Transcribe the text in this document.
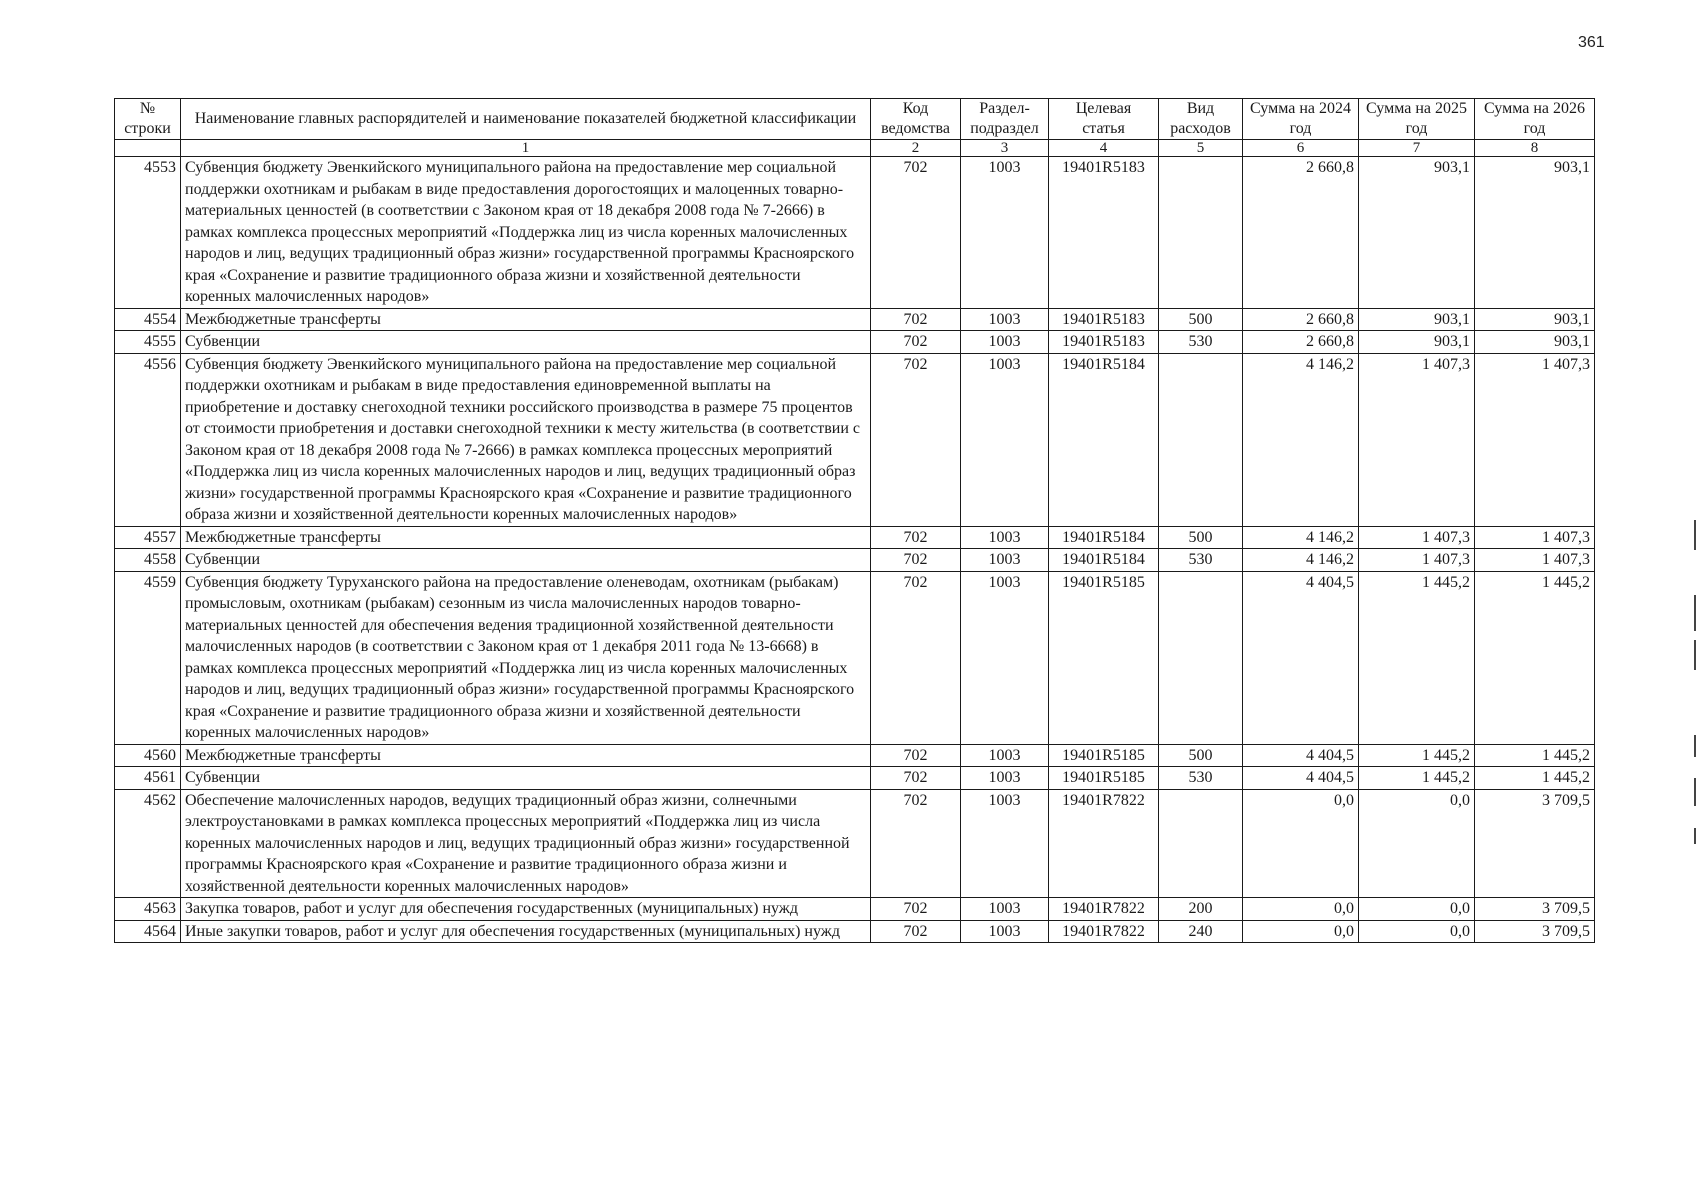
361
№ строки	Наименование главных распорядителей и наименование показателей бюджетной классификации	Код ведомства	Раздел-подраздел	Целевая статья	Вид расходов	Сумма на 2024 год	Сумма на 2025 год	Сумма на 2026 год
	1	2	3	4	5	6	7	8
4553	Субвенция бюджету Эвенкийского муниципального района на предоставление мер социальной поддержки охотникам и рыбакам в виде предоставления дорогостоящих и малоценных товарно-материальных ценностей (в соответствии с Законом края от 18 декабря 2008 года № 7-2666) в рамках комплекса процессных мероприятий «Поддержка лиц из числа коренных малочисленных народов и лиц, ведущих традиционный образ жизни» государственной программы Красноярского края «Сохранение и развитие традиционного образа жизни и хозяйственной деятельности коренных малочисленных народов»	702	1003	19401R5183		2 660,8	903,1	903,1
4554	Межбюджетные трансферты	702	1003	19401R5183	500	2 660,8	903,1	903,1
4555	Субвенции	702	1003	19401R5183	530	2 660,8	903,1	903,1
4556	Субвенция бюджету Эвенкийского муниципального района на предоставление мер социальной поддержки охотникам и рыбакам в виде предоставления единовременной выплаты на приобретение и доставку снегоходной техники российского производства в размере 75 процентов от стоимости приобретения и доставки снегоходной техники к месту жительства (в соответствии с Законом края от 18 декабря 2008 года № 7-2666) в рамках комплекса процессных мероприятий «Поддержка лиц из числа коренных малочисленных народов и лиц, ведущих традиционный образ жизни» государственной программы Красноярского края «Сохранение и развитие традиционного образа жизни и хозяйственной деятельности коренных малочисленных народов»	702	1003	19401R5184		4 146,2	1 407,3	1 407,3
4557	Межбюджетные трансферты	702	1003	19401R5184	500	4 146,2	1 407,3	1 407,3
4558	Субвенции	702	1003	19401R5184	530	4 146,2	1 407,3	1 407,3
4559	Субвенция бюджету Туруханского района на предоставление оленеводам, охотникам (рыбакам) промысловым, охотникам (рыбакам) сезонным из числа малочисленных народов товарно-материальных ценностей для обеспечения ведения традиционной хозяйственной деятельности малочисленных народов (в соответствии с Законом края от 1 декабря 2011 года № 13-6668) в рамках комплекса процессных мероприятий «Поддержка лиц из числа коренных малочисленных народов и лиц, ведущих традиционный образ жизни» государственной программы Красноярского края «Сохранение и развитие традиционного образа жизни и хозяйственной деятельности коренных малочисленных народов»	702	1003	19401R5185		4 404,5	1 445,2	1 445,2
4560	Межбюджетные трансферты	702	1003	19401R5185	500	4 404,5	1 445,2	1 445,2
4561	Субвенции	702	1003	19401R5185	530	4 404,5	1 445,2	1 445,2
4562	Обеспечение малочисленных народов, ведущих традиционный образ жизни, солнечными электроустановками в рамках комплекса процессных мероприятий «Поддержка лиц из числа коренных малочисленных народов и лиц, ведущих традиционный образ жизни» государственной программы Красноярского края «Сохранение и развитие традиционного образа жизни и хозяйственной деятельности коренных малочисленных народов»	702	1003	19401R7822		0,0	0,0	3 709,5
4563	Закупка товаров, работ и услуг для обеспечения государственных (муниципальных) нужд	702	1003	19401R7822	200	0,0	0,0	3 709,5
4564	Иные закупки товаров, работ и услуг для обеспечения государственных (муниципальных) нужд	702	1003	19401R7822	240	0,0	0,0	3 709,5
